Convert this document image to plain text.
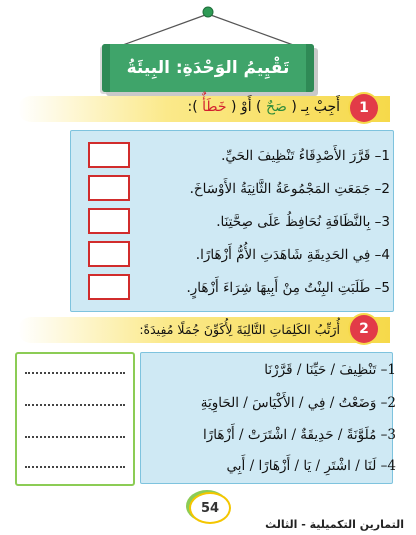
تَقْيِيمُ الوَحْدَةِ: البِيئَةُ
1
أَجِبْ بِـ ( صَحٌ ) أَوْ ( خَطَأٌ ):
1– قَرَّرَ الأَصْدِقَاءُ تَنْظِيفَ الحَيِّ.
2– جَمَعَتِ المَجْمُوعَةُ الثَّانِيَةُ الأَوْسَاخَ.
3– بِالنَّظَافَةِ نُحَافِظُ عَلَى صِحَّتِنَا.
4– فِي الحَدِيقَةِ شَاهَدَتِ الأُمُّ أَزْهَارًا.
5– طَلَبَتِ البِنْتُ مِنْ أَبِيهَا شِرَاءَ أَزْهَارٍ.
2
أُرَتِّبُ الكَلِمَاتِ التَّالِيَةَ لِأُكَوِّنَ جُمَلًا مُفِيدَةً:
1– تَنْظِيفَ / حَيِّنَا / قَرَّرْنَا
2– وَضَعْتُ / فِي / الأَكْيَاسَ / الحَاوِيَةِ
3– مُلَوَّنَةً / حَدِيقَةٌ / اشْتَرَتْ / أَزْهَارًا
4– لَنَا / اشْتَرِ / يَا / أَزْهَارًا / أَبِي
54
التمارين التكميلية - الثالث
